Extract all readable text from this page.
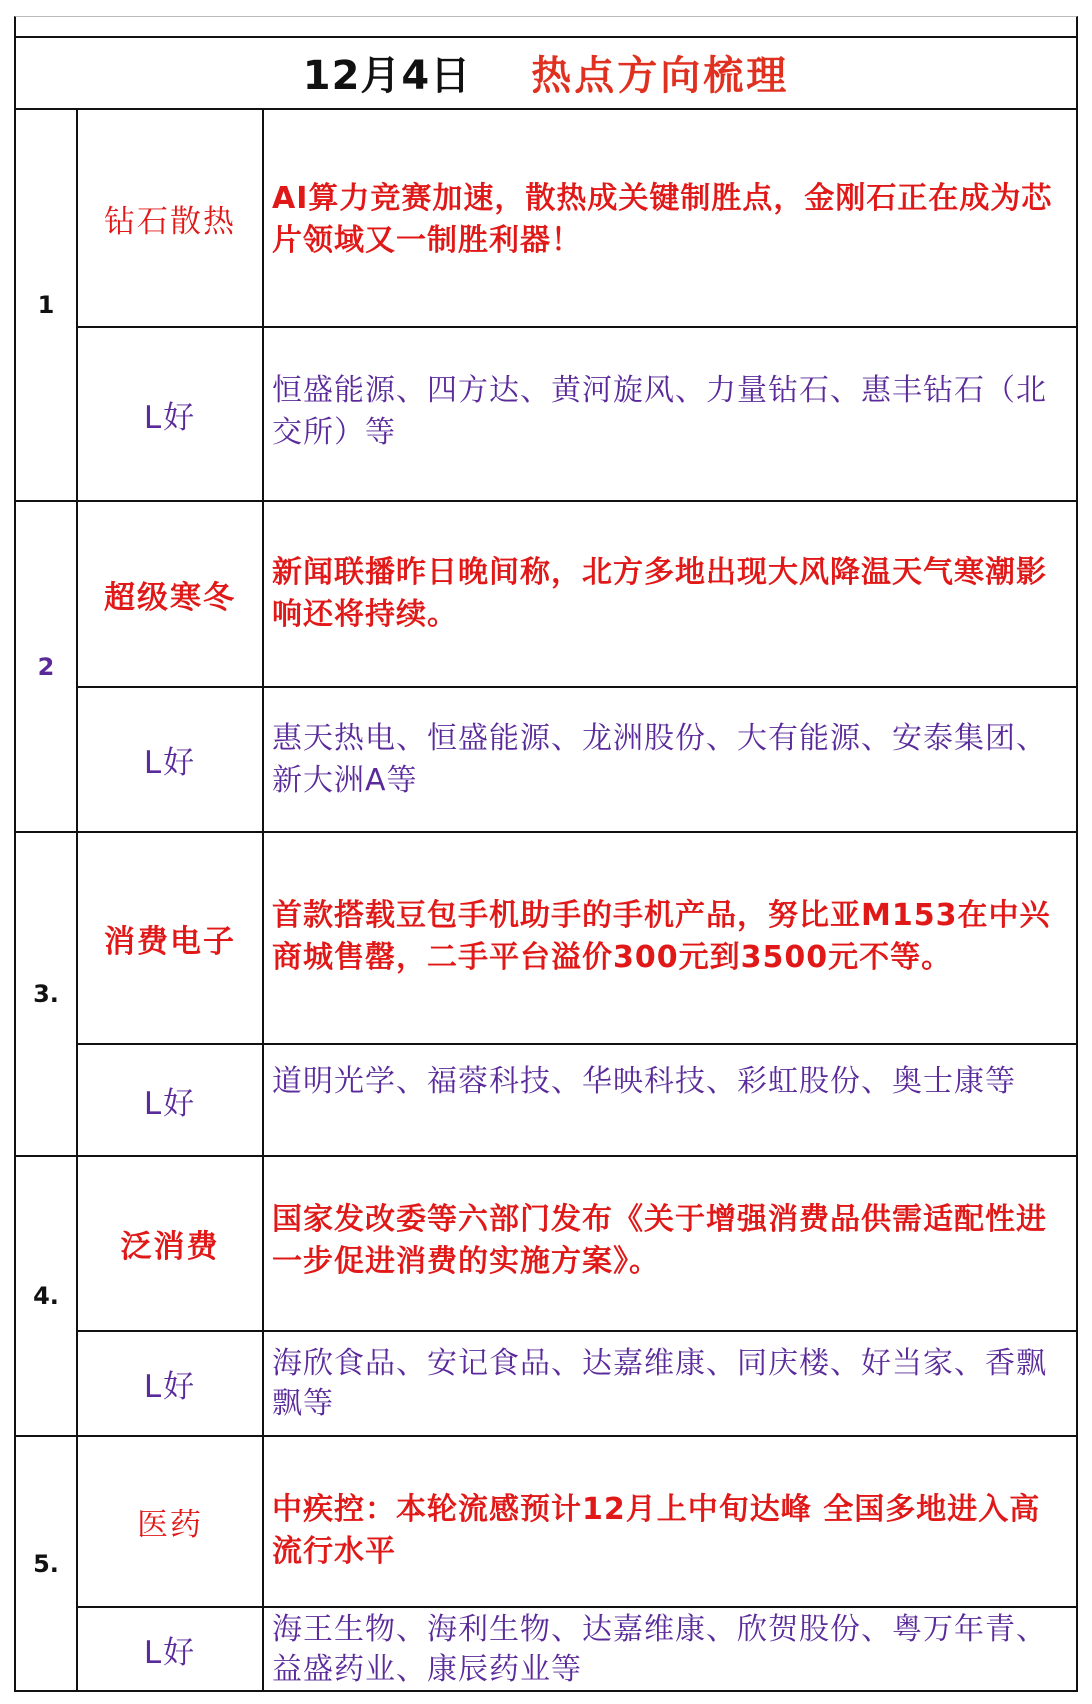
12月4日 热点方向梳理
1
钻石散热
AI算力竞赛加速，散热成关键制胜点，金刚石正在成为芯片领域又一制胜利器！
L好
恒盛能源、四方达、黄河旋风、力量钻石、惠丰钻石（北交所）等
2
超级寒冬
新闻联播昨日晚间称，北方多地出现大风降温天气寒潮影响还将持续。
L好
惠天热电、恒盛能源、龙洲股份、大有能源、安泰集团、新大洲A等
3.
消费电子
首款搭载豆包手机助手的手机产品，努比亚M153在中兴商城售罄，二手平台溢价300元到3500元不等。
L好
道明光学、福蓉科技、华映科技、彩虹股份、奥士康等
4.
泛消费
国家发改委等六部门发布《关于增强消费品供需适配性进一步促进消费的实施方案》。
L好
海欣食品、安记食品、达嘉维康、同庆楼、好当家、香飘飘等
5.
医药	中疾控：本轮流感预计12月上中旬达峰 全国多地进入高流行水平
L好
海王生物、海利生物、达嘉维康、欣贺股份、粤万年青、益盛药业、康辰药业等
